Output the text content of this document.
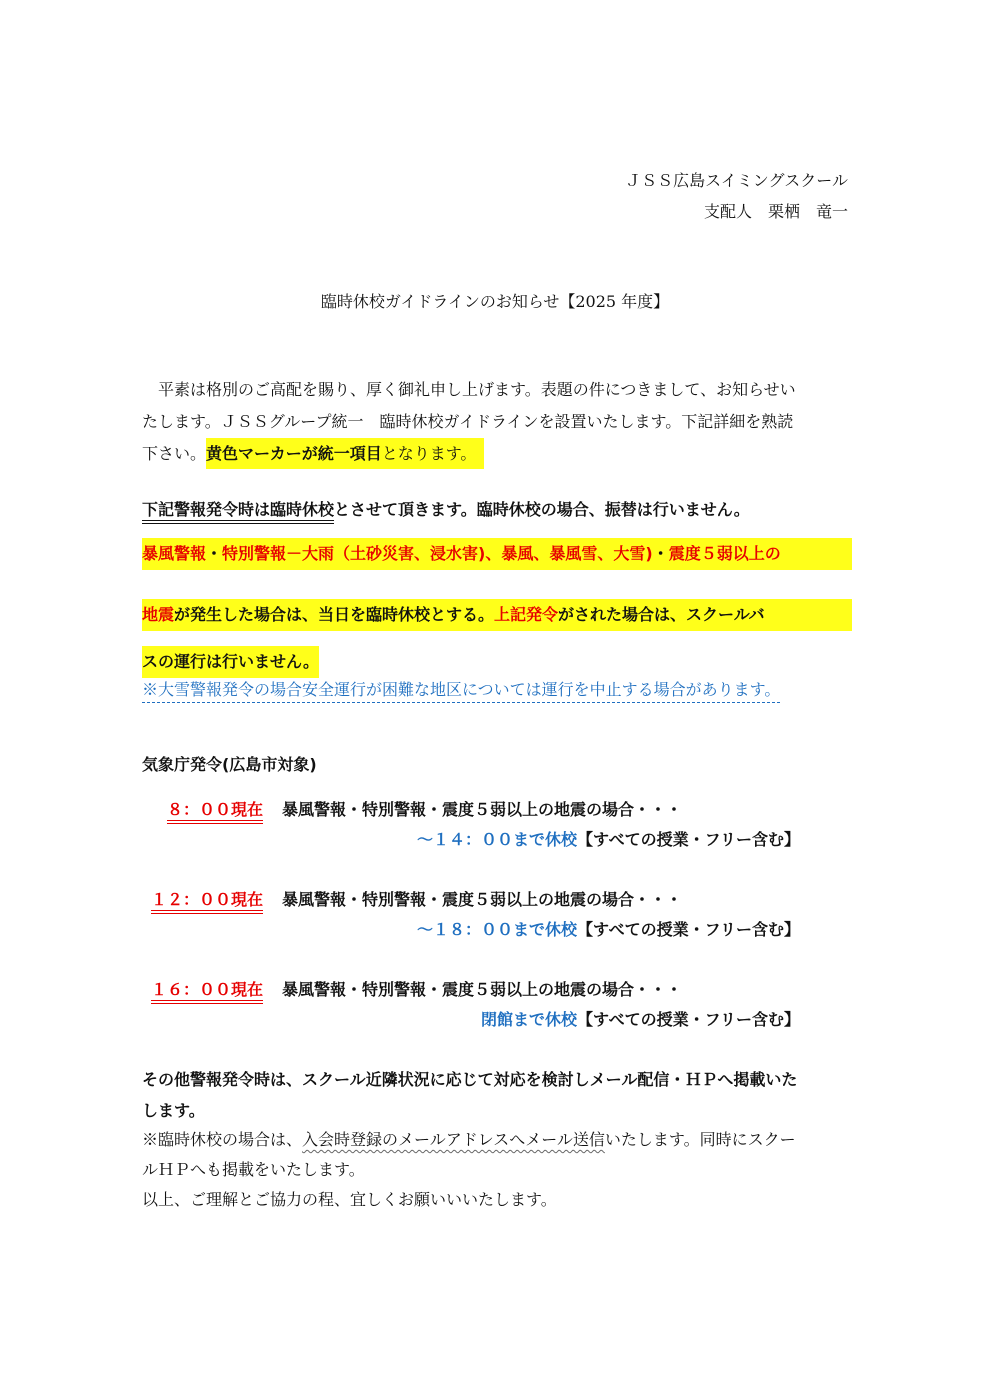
ＪＳＳ広島スイミングスクール
支配人　栗栖　竜一
臨時休校ガイドラインのお知らせ【2025 年度】
平素は格別のご高配を賜り、厚く御礼申し上げます。表題の件につきまして、お知らせい
たします。ＪＳＳグループ統一　臨時休校ガイドラインを設置いたします。下記詳細を熟読
下さい。黄色マーカーが統一項目となります。
下記警報発令時は臨時休校とさせて頂きます。臨時休校の場合、振替は行いません。
暴風警報・特別警報－大雨（土砂災害、浸水害)、暴風、暴風雪、大雪)・震度５弱以上の
地震が発生した場合は、当日を臨時休校とする。上記発令がされた場合は、スクールバ
スの運行は行いません。
※大雪警報発令の場合安全運行が困難な地区については運行を中止する場合があります。
気象庁発令(広島市対象)
８：００現在 暴風警報・特別警報・震度５弱以上の地震の場合・・・
～１４：００まで休校【すべての授業・フリー含む】
１２：００現在 暴風警報・特別警報・震度５弱以上の地震の場合・・・
～１８：００まで休校【すべての授業・フリー含む】
１６：００現在 暴風警報・特別警報・震度５弱以上の地震の場合・・・
閉館まで休校【すべての授業・フリー含む】
その他警報発令時は、スクール近隣状況に応じて対応を検討しメール配信・ＨＰへ掲載いた
します。
※臨時休校の場合は、入会時登録のメールアドレスへメール送信いたします。同時にスクー
ルＨＰへも掲載をいたします。
以上、ご理解とご協力の程、宜しくお願いいいたします。
